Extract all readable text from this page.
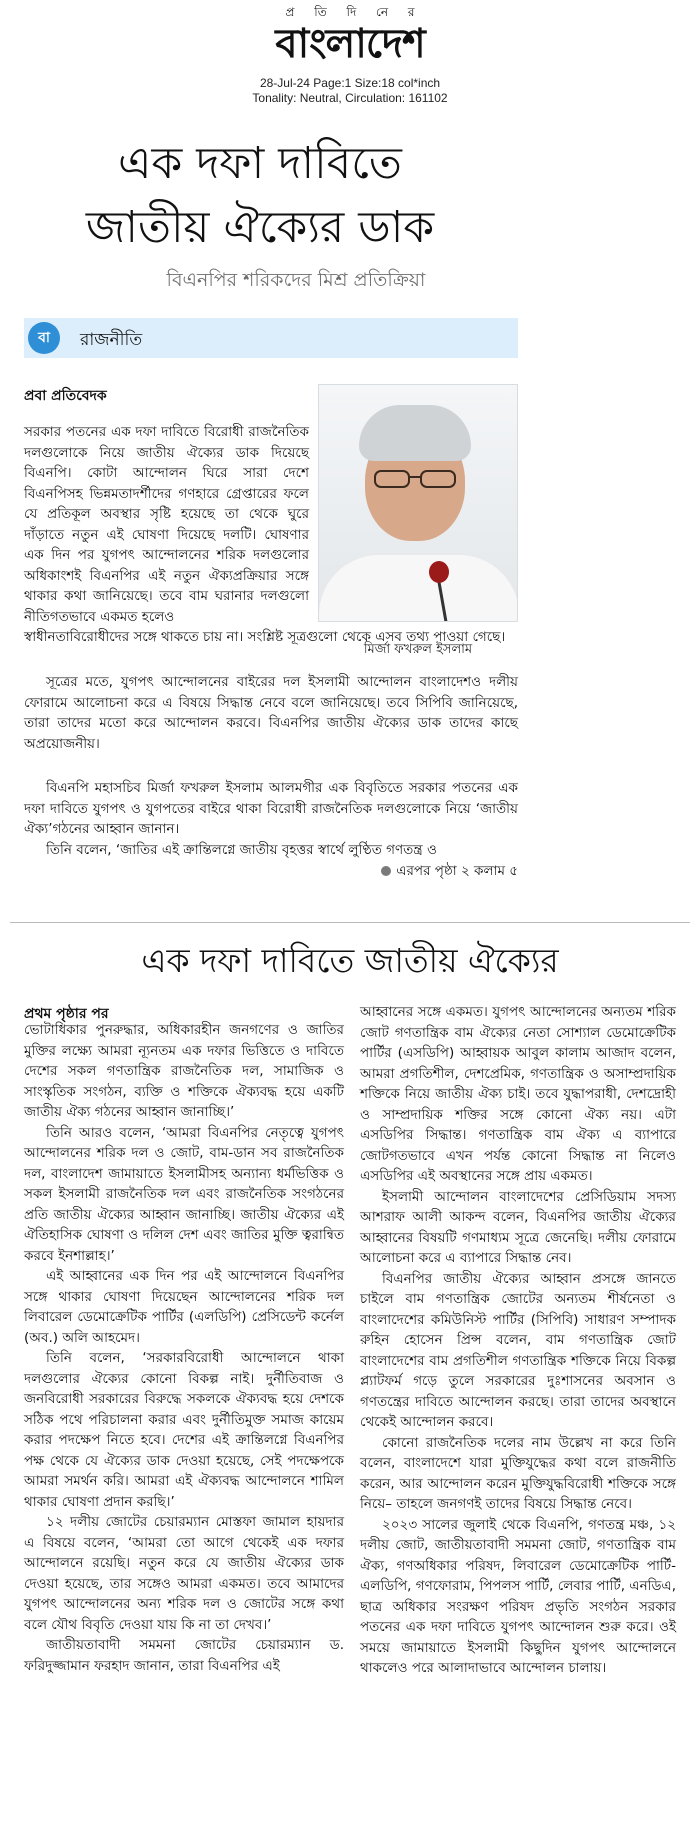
প্র তি দি নে র
বাংলাদেশ
28-Jul-24 Page:1 Size:18 col*inch
Tonality: Neutral, Circulation: 161102
এক দফা দাবিতে
জাতীয় ঐক্যের ডাক
বিএনপির শরিকদের মিশ্র প্রতিক্রিয়া
বা	রাজনীতি
প্রবা প্রতিবেদক
মির্জা ফখরুল ইসলাম

সরকার পতনের এক দফা দাবিতে বিরোধী রাজনৈতিক দলগুলোকে নিয়ে জাতীয় ঐক্যের ডাক দিয়েছে বিএনপি। কোটা আন্দোলন ঘিরে সারা দেশে বিএনপিসহ ভিন্নমতাদর্শীদের গণহারে গ্রেপ্তারের ফলে যে প্রতিকূল অবস্থার সৃষ্টি হয়েছে তা থেকে ঘুরে দাঁড়াতে নতুন এই ঘোষণা দিয়েছে দলটি। ঘোষণার এক দিন পর যুগপৎ আন্দোলনের শরিক দলগুলোর অধিকাংশই বিএনপির এই নতুন ঐক্যপ্রক্রিয়ার সঙ্গে থাকার কথা জানিয়েছে। তবে বাম ঘরানার দলগুলো নীতিগতভাবে একমত হলেও

স্বাধীনতাবিরোধীদের সঙ্গে থাকতে চায় না। সংশ্লিষ্ট সূত্রগুলো থেকে এসব তথ্য পাওয়া গেছে।

সূত্রের মতে, যুগপৎ আন্দোলনের বাইরের দল ইসলামী আন্দোলন বাংলাদেশও দলীয় ফোরামে আলোচনা করে এ বিষয়ে সিদ্ধান্ত নেবে বলে জানিয়েছে। তবে সিপিবি জানিয়েছে, তারা তাদের মতো করে আন্দোলন করবে। বিএনপির জাতীয় ঐক্যের ডাক তাদের কাছে অপ্রয়োজনীয়।

বিএনপি মহাসচিব মির্জা ফখরুল ইসলাম আলমগীর এক বিবৃতিতে সরকার পতনের এক দফা দাবিতে যুগপৎ ও যুগপতের বাইরে থাকা বিরোধী রাজনৈতিক দলগুলোকে নিয়ে ‘জাতীয় ঐক্য’গঠনের আহ্বান জানান।

তিনি বলেন, ‘জাতির এই ক্রান্তিলগ্নে জাতীয় বৃহত্তর স্বার্থে লুণ্ঠিত গণতন্ত্র ও

এরপর পৃষ্ঠা ২ কলাম ৫
এক দফা দাবিতে জাতীয় ঐক্যের
প্রথম পৃষ্ঠার পর

ভোটাধিকার পুনরুদ্ধার, অধিকারহীন জনগণের ও জাতির মুক্তির লক্ষ্যে আমরা ন্যূনতম এক দফার ভিত্তিতে ও দাবিতে দেশের সকল গণতান্ত্রিক রাজনৈতিক দল, সামাজিক ও সাংস্কৃতিক সংগঠন, ব্যক্তি ও শক্তিকে ঐক্যবদ্ধ হয়ে একটি জাতীয় ঐক্য গঠনের আহ্বান জানাচ্ছি।’

তিনি আরও বলেন, ‘আমরা বিএনপির নেতৃত্বে যুগপৎ আন্দোলনের শরিক দল ও জোট, বাম-ডান সব রাজনৈতিক দল, বাংলাদেশ জামায়াতে ইসলামীসহ অন্যান্য ধর্মভিত্তিক ও সকল ইসলামী রাজনৈতিক দল এবং রাজনৈতিক সংগঠনের প্রতি জাতীয় ঐক্যের আহ্বান জানাচ্ছি। জাতীয় ঐক্যের এই ঐতিহাসিক ঘোষণা ও দলিল দেশ এবং জাতির মুক্তি ত্বরান্বিত করবে ইনশাল্লাহ।’

এই আহ্বানের এক দিন পর এই আন্দোলনে বিএনপির সঙ্গে থাকার ঘোষণা দিয়েছেন আন্দোলনের শরিক দল লিবারেল ডেমোক্রেটিক পার্টির (এলডিপি) প্রেসিডেন্ট কর্নেল (অব.) অলি আহমেদ।

তিনি বলেন, ‘সরকারবিরোধী আন্দোলনে থাকা দলগুলোর ঐক্যের কোনো বিকল্প নাই। দুর্নীতিবাজ ও জনবিরোধী সরকারের বিরুদ্ধে সকলকে ঐক্যবদ্ধ হয়ে দেশকে সঠিক পথে পরিচালনা করার এবং দুর্নীতিমুক্ত সমাজ কায়েম করার পদক্ষেপ নিতে হবে। দেশের এই ক্রান্তিলগ্নে বিএনপির পক্ষ থেকে যে ঐক্যের ডাক দেওয়া হয়েছে, সেই পদক্ষেপকে আমরা সমর্থন করি। আমরা এই ঐক্যবদ্ধ আন্দোলনে শামিল থাকার ঘোষণা প্রদান করছি।’

১২ দলীয় জোটের চেয়ারম্যান মোস্তফা জামাল হায়দার এ বিষয়ে বলেন, ‘আমরা তো আগে থেকেই এক দফার আন্দোলনে রয়েছি। নতুন করে যে জাতীয় ঐক্যের ডাক দেওয়া হয়েছে, তার সঙ্গেও আমরা একমত। তবে আমাদের যুগপৎ আন্দোলনের অন্য শরিক দল ও জোটের সঙ্গে কথা বলে যৌথ বিবৃতি দেওয়া যায় কি না তা দেখব।’

জাতীয়তাবাদী সমমনা জোটের চেয়ারম্যান ড. ফরিদুজ্জামান ফরহাদ জানান, তারা বিএনপির এই

আহ্বানের সঙ্গে একমত। যুগপৎ আন্দোলনের অন্যতম শরিক জোট গণতান্ত্রিক বাম ঐক্যের নেতা সোশ্যাল ডেমোক্রেটিক পার্টির (এসডিপি) আহ্বায়ক আবুল কালাম আজাদ বলেন, আমরা প্রগতিশীল, দেশপ্রেমিক, গণতান্ত্রিক ও অসাম্প্রদায়িক শক্তিকে নিয়ে জাতীয় ঐক্য চাই। তবে যুদ্ধাপরাধী, দেশদ্রোহী ও সাম্প্রদায়িক শক্তির সঙ্গে কোনো ঐক্য নয়। এটা এসডিপির সিদ্ধান্ত। গণতান্ত্রিক বাম ঐক্য এ ব্যাপারে জোটগতভাবে এখন পর্যন্ত কোনো সিদ্ধান্ত না নিলেও এসডিপির এই অবস্থানের সঙ্গে প্রায় একমত।

ইসলামী আন্দোলন বাংলাদেশের প্রেসিডিয়াম সদস্য আশরাফ আলী আকন্দ বলেন, বিএনপির জাতীয় ঐক্যের আহ্বানের বিষয়টি গণমাধ্যম সূত্রে জেনেছি। দলীয় ফোরামে আলোচনা করে এ ব্যাপারে সিদ্ধান্ত নেব।

বিএনপির জাতীয় ঐক্যের আহ্বান প্রসঙ্গে জানতে চাইলে বাম গণতান্ত্রিক জোটের অন্যতম শীর্ষনেতা ও বাংলাদেশের কমিউনিস্ট পার্টির (সিপিবি) সাধারণ সম্পাদক রুহিন হোসেন প্রিন্স বলেন, বাম গণতান্ত্রিক জোট বাংলাদেশের বাম প্রগতিশীল গণতান্ত্রিক শক্তিকে নিয়ে বিকল্প প্ল্যাটফর্ম গড়ে তুলে সরকারের দুঃশাসনের অবসান ও গণতন্ত্রের দাবিতে আন্দোলন করছে। তারা তাদের অবস্থানে থেকেই আন্দোলন করবে।

কোনো রাজনৈতিক দলের নাম উল্লেখ না করে তিনি বলেন, বাংলাদেশে যারা মুক্তিযুদ্ধের কথা বলে রাজনীতি করেন, আর আন্দোলন করেন মুক্তিযুদ্ধবিরোধী শক্তিকে সঙ্গে নিয়ে– তাহলে জনগণই তাদের বিষয়ে সিদ্ধান্ত নেবে।

২০২৩ সালের জুলাই থেকে বিএনপি, গণতন্ত্র মঞ্চ, ১২ দলীয় জোট, জাতীয়তাবাদী সমমনা জোট, গণতান্ত্রিক বাম ঐক্য, গণঅধিকার পরিষদ, লিবারেল ডেমোক্রেটিক পার্টি- এলডিপি, গণফোরাম, পিপলস পার্টি, লেবার পার্টি, এনডিএ, ছাত্র অধিকার সংরক্ষণ পরিষদ প্রভৃতি সংগঠন সরকার পতনের এক দফা দাবিতে যুগপৎ আন্দোলন শুরু করে। ওই সময়ে জামায়াতে ইসলামী কিছুদিন যুগপৎ আন্দোলনে থাকলেও পরে আলাদাভাবে আন্দোলন চালায়।
